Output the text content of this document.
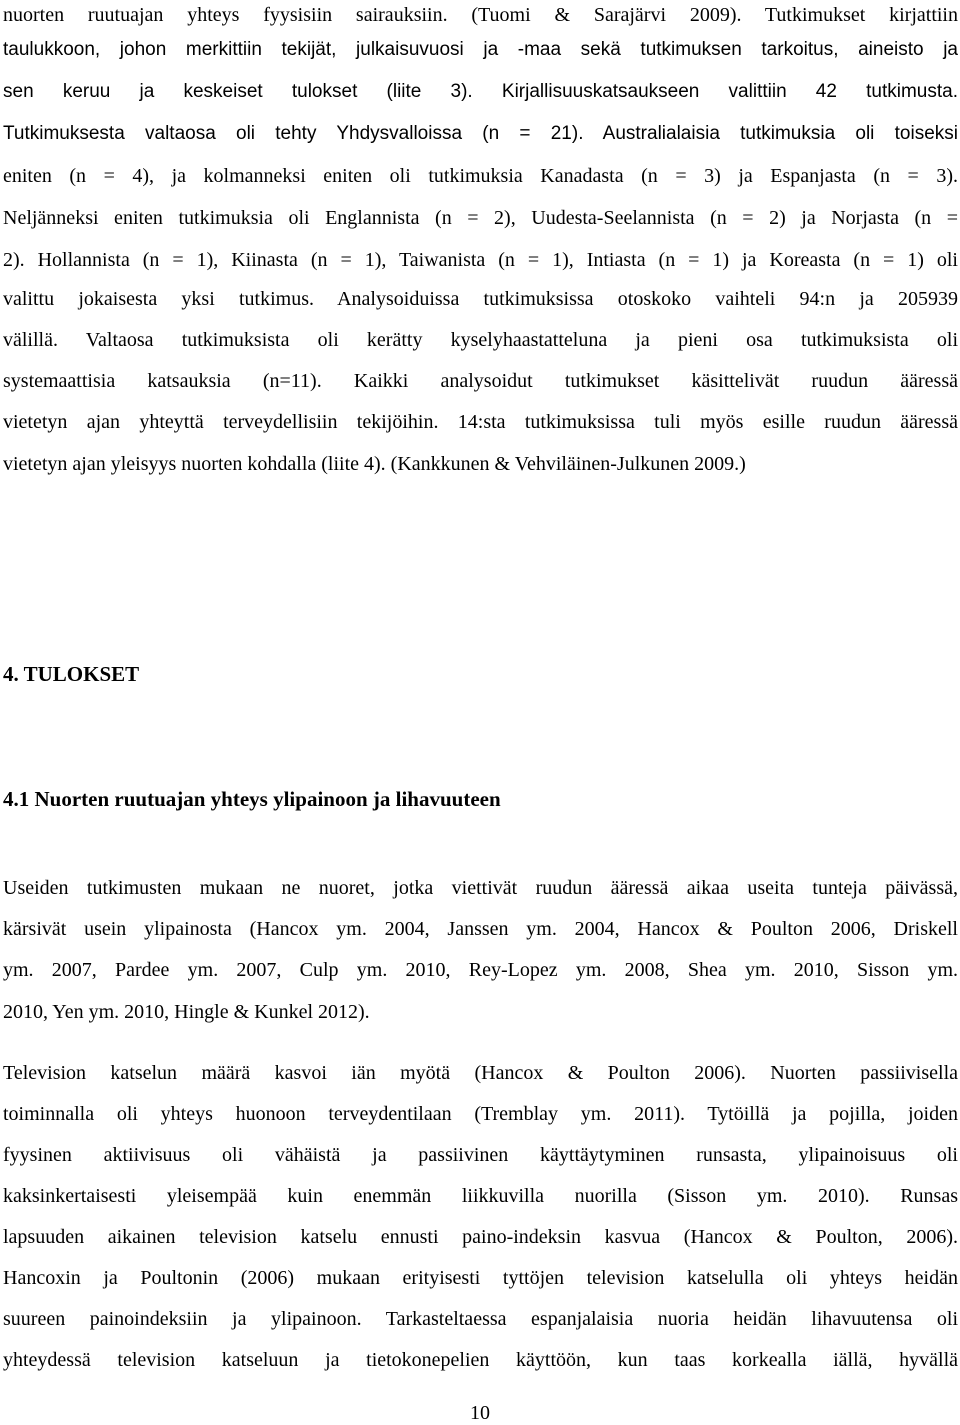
nuorten ruutuajan yhteys fyysisiin sairauksiin. (Tuomi & Sarajärvi 2009). Tutkimukset kirjattiin

taulukkoon, johon merkittiin tekijät, julkaisuvuosi ja -maa sekä tutkimuksen tarkoitus, aineisto ja

sen keruu ja keskeiset tulokset (liite 3). Kirjallisuuskatsaukseen valittiin 42 tutkimusta.

Tutkimuksesta valtaosa oli tehty Yhdysvalloissa (n = 21). Australialaisia tutkimuksia oli toiseksi

eniten (n = 4), ja kolmanneksi eniten oli tutkimuksia Kanadasta (n = 3) ja Espanjasta (n = 3).

Neljänneksi eniten tutkimuksia oli Englannista (n = 2), Uudesta-Seelannista (n = 2) ja Norjasta (n =

2). Hollannista (n = 1), Kiinasta (n = 1), Taiwanista (n = 1), Intiasta (n = 1) ja Koreasta (n = 1) oli

valittu jokaisesta yksi tutkimus. Analysoiduissa tutkimuksissa otoskoko vaihteli 94:n ja 205939

välillä. Valtaosa tutkimuksista oli kerätty kyselyhaastatteluna ja pieni osa tutkimuksista oli

systemaattisia katsauksia (n=11). Kaikki analysoidut tutkimukset käsittelivät ruudun ääressä

vietetyn ajan yhteyttä terveydellisiin tekijöihin. 14:sta tutkimuksissa tuli myös esille ruudun ääressä

vietetyn ajan yleisyys nuorten kohdalla (liite 4). (Kankkunen & Vehviläinen-Julkunen 2009.)

4. TULOKSET
4.1 Nuorten ruutuajan yhteys ylipainoon ja lihavuuteen

Useiden tutkimusten mukaan ne nuoret, jotka viettivät ruudun ääressä aikaa useita tunteja päivässä,

kärsivät usein ylipainosta (Hancox ym. 2004, Janssen ym. 2004, Hancox & Poulton 2006, Driskell

ym. 2007, Pardee ym. 2007, Culp ym. 2010, Rey-Lopez ym. 2008, Shea ym. 2010, Sisson ym.

2010, Yen ym. 2010, Hingle & Kunkel 2012).

Television katselun määrä kasvoi iän myötä (Hancox & Poulton 2006). Nuorten passiivisella

toiminnalla oli yhteys huonoon terveydentilaan (Tremblay ym. 2011). Tytöillä ja pojilla, joiden

fyysinen aktiivisuus oli vähäistä ja passiivinen käyttäytyminen runsasta, ylipainoisuus oli

kaksinkertaisesti yleisempää kuin enemmän liikkuvilla nuorilla (Sisson ym. 2010). Runsas

lapsuuden aikainen television katselu ennusti paino-indeksin kasvua (Hancox & Poulton, 2006).

Hancoxin ja Poultonin (2006) mukaan erityisesti tyttöjen television katselulla oli yhteys heidän

suureen painoindeksiin ja ylipainoon. Tarkasteltaessa espanjalaisia nuoria heidän lihavuutensa oli

yhteydessä television katseluun ja tietokonepelien käyttöön, kun taas korkealla iällä, hyvällä

10
